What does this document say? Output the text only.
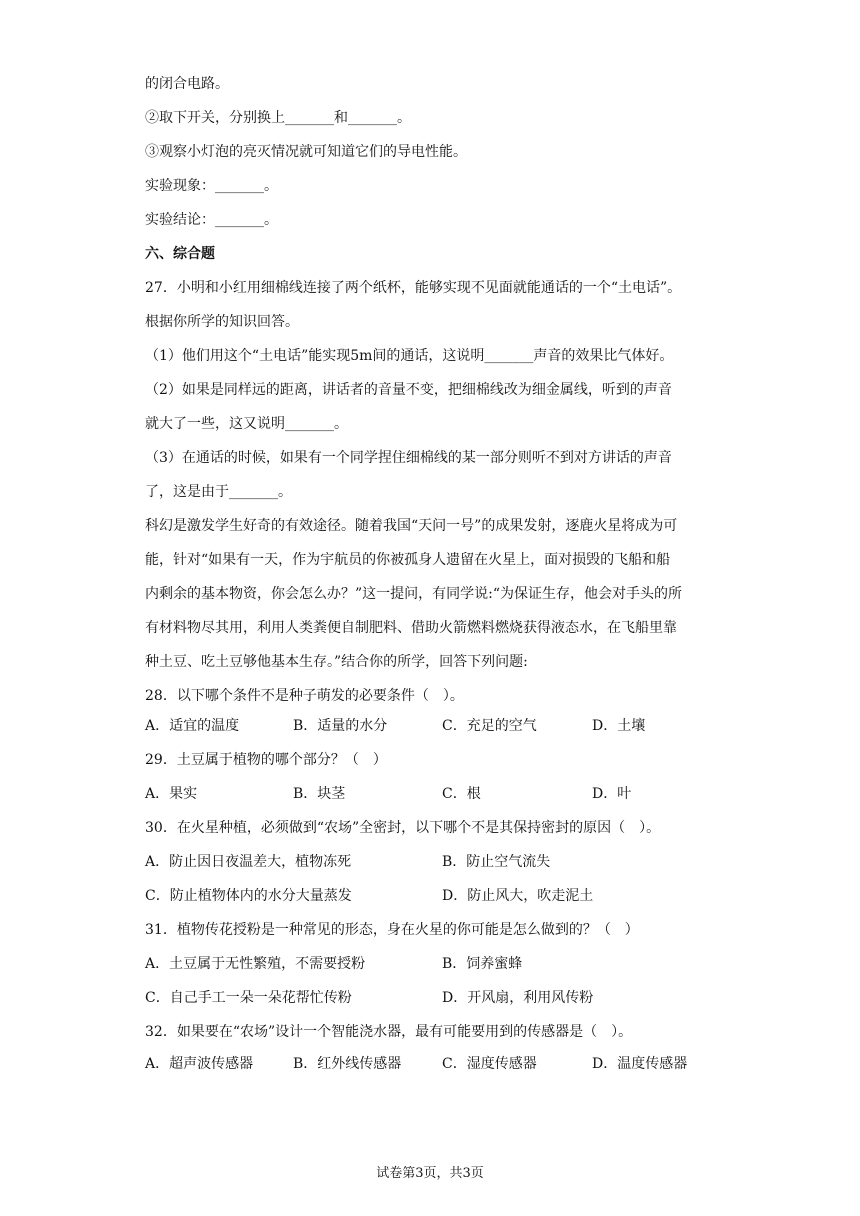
的闭合电路。
②取下开关，分别换上_______和_______。
③观察小灯泡的亮灭情况就可知道它们的导电性能。
实验现象：_______。
实验结论：_______。
六、综合题
27．小明和小红用细棉线连接了两个纸杯，能够实现不见面就能通话的一个“土电话”。
根据你所学的知识回答。
（1）他们用这个“土电话”能实现5m间的通话，这说明_______声音的效果比气体好。
（2）如果是同样远的距离，讲话者的音量不变，把细棉线改为细金属线，听到的声音
就大了一些，这又说明_______。
（3）在通话的时候，如果有一个同学捏住细棉线的某一部分则听不到对方讲话的声音
了，这是由于_______。
科幻是激发学生好奇的有效途径。随着我国“天问一号”的成果发射，逐鹿火星将成为可
能，针对“如果有一天，作为宇航员的你被孤身人遗留在火星上，面对损毁的飞船和船
内剩余的基本物资，你会怎么办？”这一提问，有同学说:“为保证生存，他会对手头的所
有材料物尽其用，利用人类粪便自制肥料、借助火箭燃料燃烧获得液态水，在飞船里靠
种土豆、吃土豆够他基本生存。”结合你的所学，回答下列问题:
28．以下哪个条件不是种子萌发的必要条件（　）。
A．适宜的温度	B．适量的水分	C．充足的空气	D．土壤
29．土豆属于植物的哪个部分？（　）
A．果实	B．块茎	C．根	D．叶
30．在火星种植，必须做到“农场”全密封，以下哪个不是其保持密封的原因（　）。
A．防止因日夜温差大，植物冻死	B．防止空气流失
C．防止植物体内的水分大量蒸发	D．防止风大，吹走泥土
31．植物传花授粉是一种常见的形态，身在火星的你可能是怎么做到的？（　）
A．土豆属于无性繁殖，不需要授粉	B．饲养蜜蜂
C．自己手工一朵一朵花帮忙传粉	D．开风扇，利用风传粉
32．如果要在“农场”设计一个智能浇水器，最有可能要用到的传感器是（　）。
A．超声波传感器	B．红外线传感器	C．湿度传感器	D．温度传感器
试卷第3页，共3页
